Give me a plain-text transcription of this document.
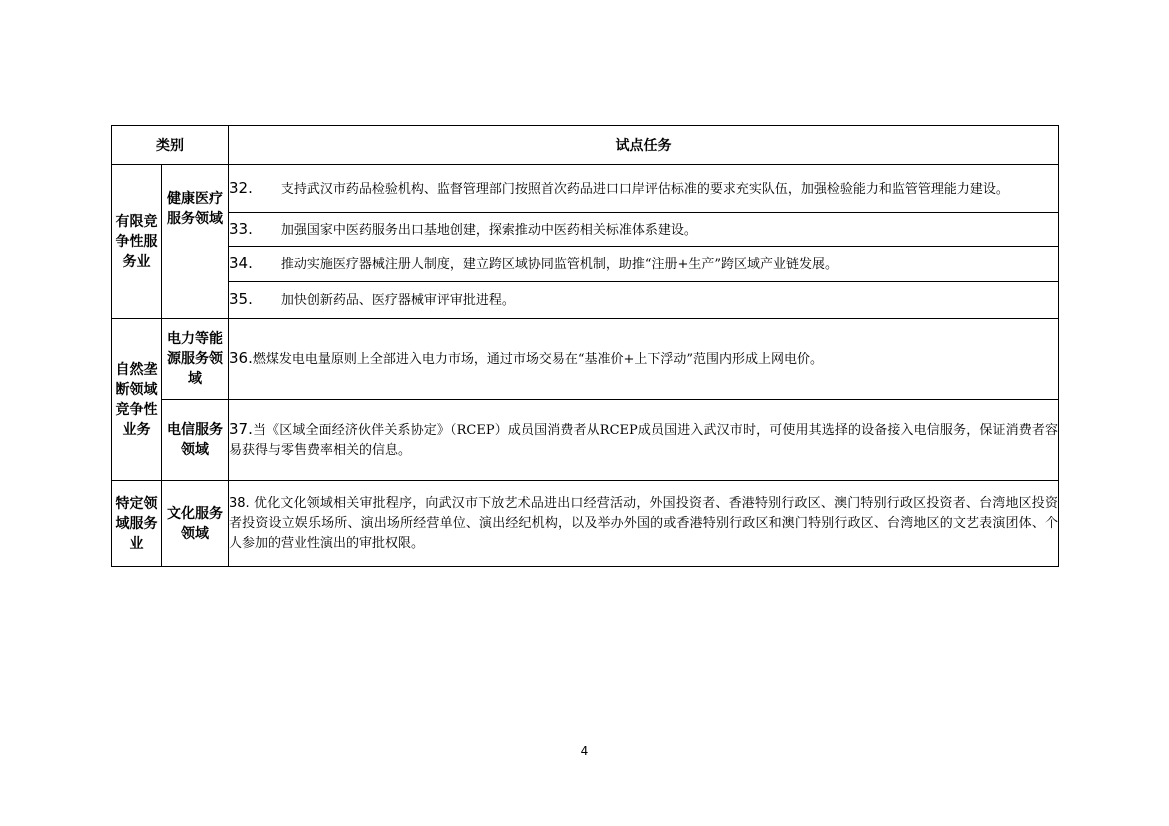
类别		试点任务
有限竞争性服务业	健康医疗服务领域	32. 支持武汉市药品检验机构、监督管理部门按照首次药品进口口岸评估标准的要求充实队伍，加强检验能力和监管管理能力建设。
		33. 加强国家中医药服务出口基地创建，探索推动中医药相关标准体系建设。
		34. 推动实施医疗器械注册人制度，建立跨区域协同监管机制，助推“注册+生产”跨区域产业链发展。
		35. 加快创新药品、医疗器械审评审批进程。
自然垄断领域竞争性业务	电力等能源服务领域	36.燃煤发电电量原则上全部进入电力市场，通过市场交易在“基准价+上下浮动”范围内形成上网电价。
	电信服务领域	37.当《区域全面经济伙伴关系协定》（RCEP）成员国消费者从RCEP成员国进入武汉市时，可使用其选择的设备接入电信服务，保证消费者容易获得与零售费率相关的信息。
特定领域服务业	文化服务领域	38. 优化文化领域相关审批程序，向武汉市下放艺术品进出口经营活动，外国投资者、香港特别行政区、澳门特别行政区投资者、台湾地区投资者投资设立娱乐场所、演出场所经营单位、演出经纪机构，以及举办外国的或香港特别行政区和澳门特别行政区、台湾地区的文艺表演团体、个人参加的营业性演出的审批权限。
4
